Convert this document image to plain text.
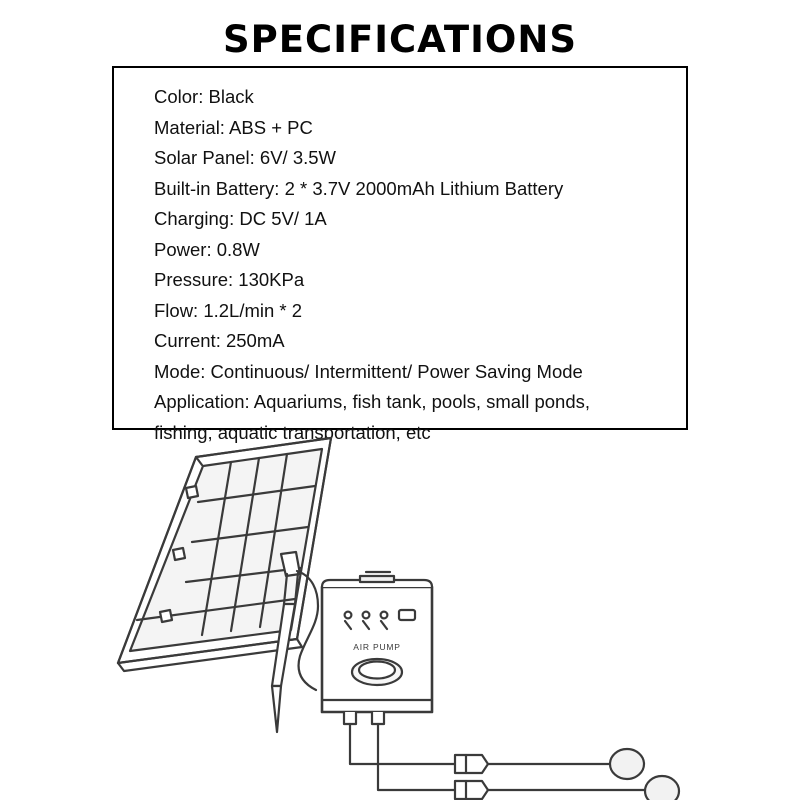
SPECIFICATIONS
Color: Black
Material: ABS + PC
Solar Panel: 6V/ 3.5W
Built-in Battery: 2 * 3.7V 2000mAh Lithium Battery
Charging: DC 5V/ 1A
Power: 0.8W
Pressure: 130KPa
Flow: 1.2L/min * 2
Current: 250mA
Mode: Continuous/ Intermittent/ Power Saving Mode
Application: Aquariums, fish tank, pools, small ponds,
fishing, aquatic transportation, etc
AIR PUMP
